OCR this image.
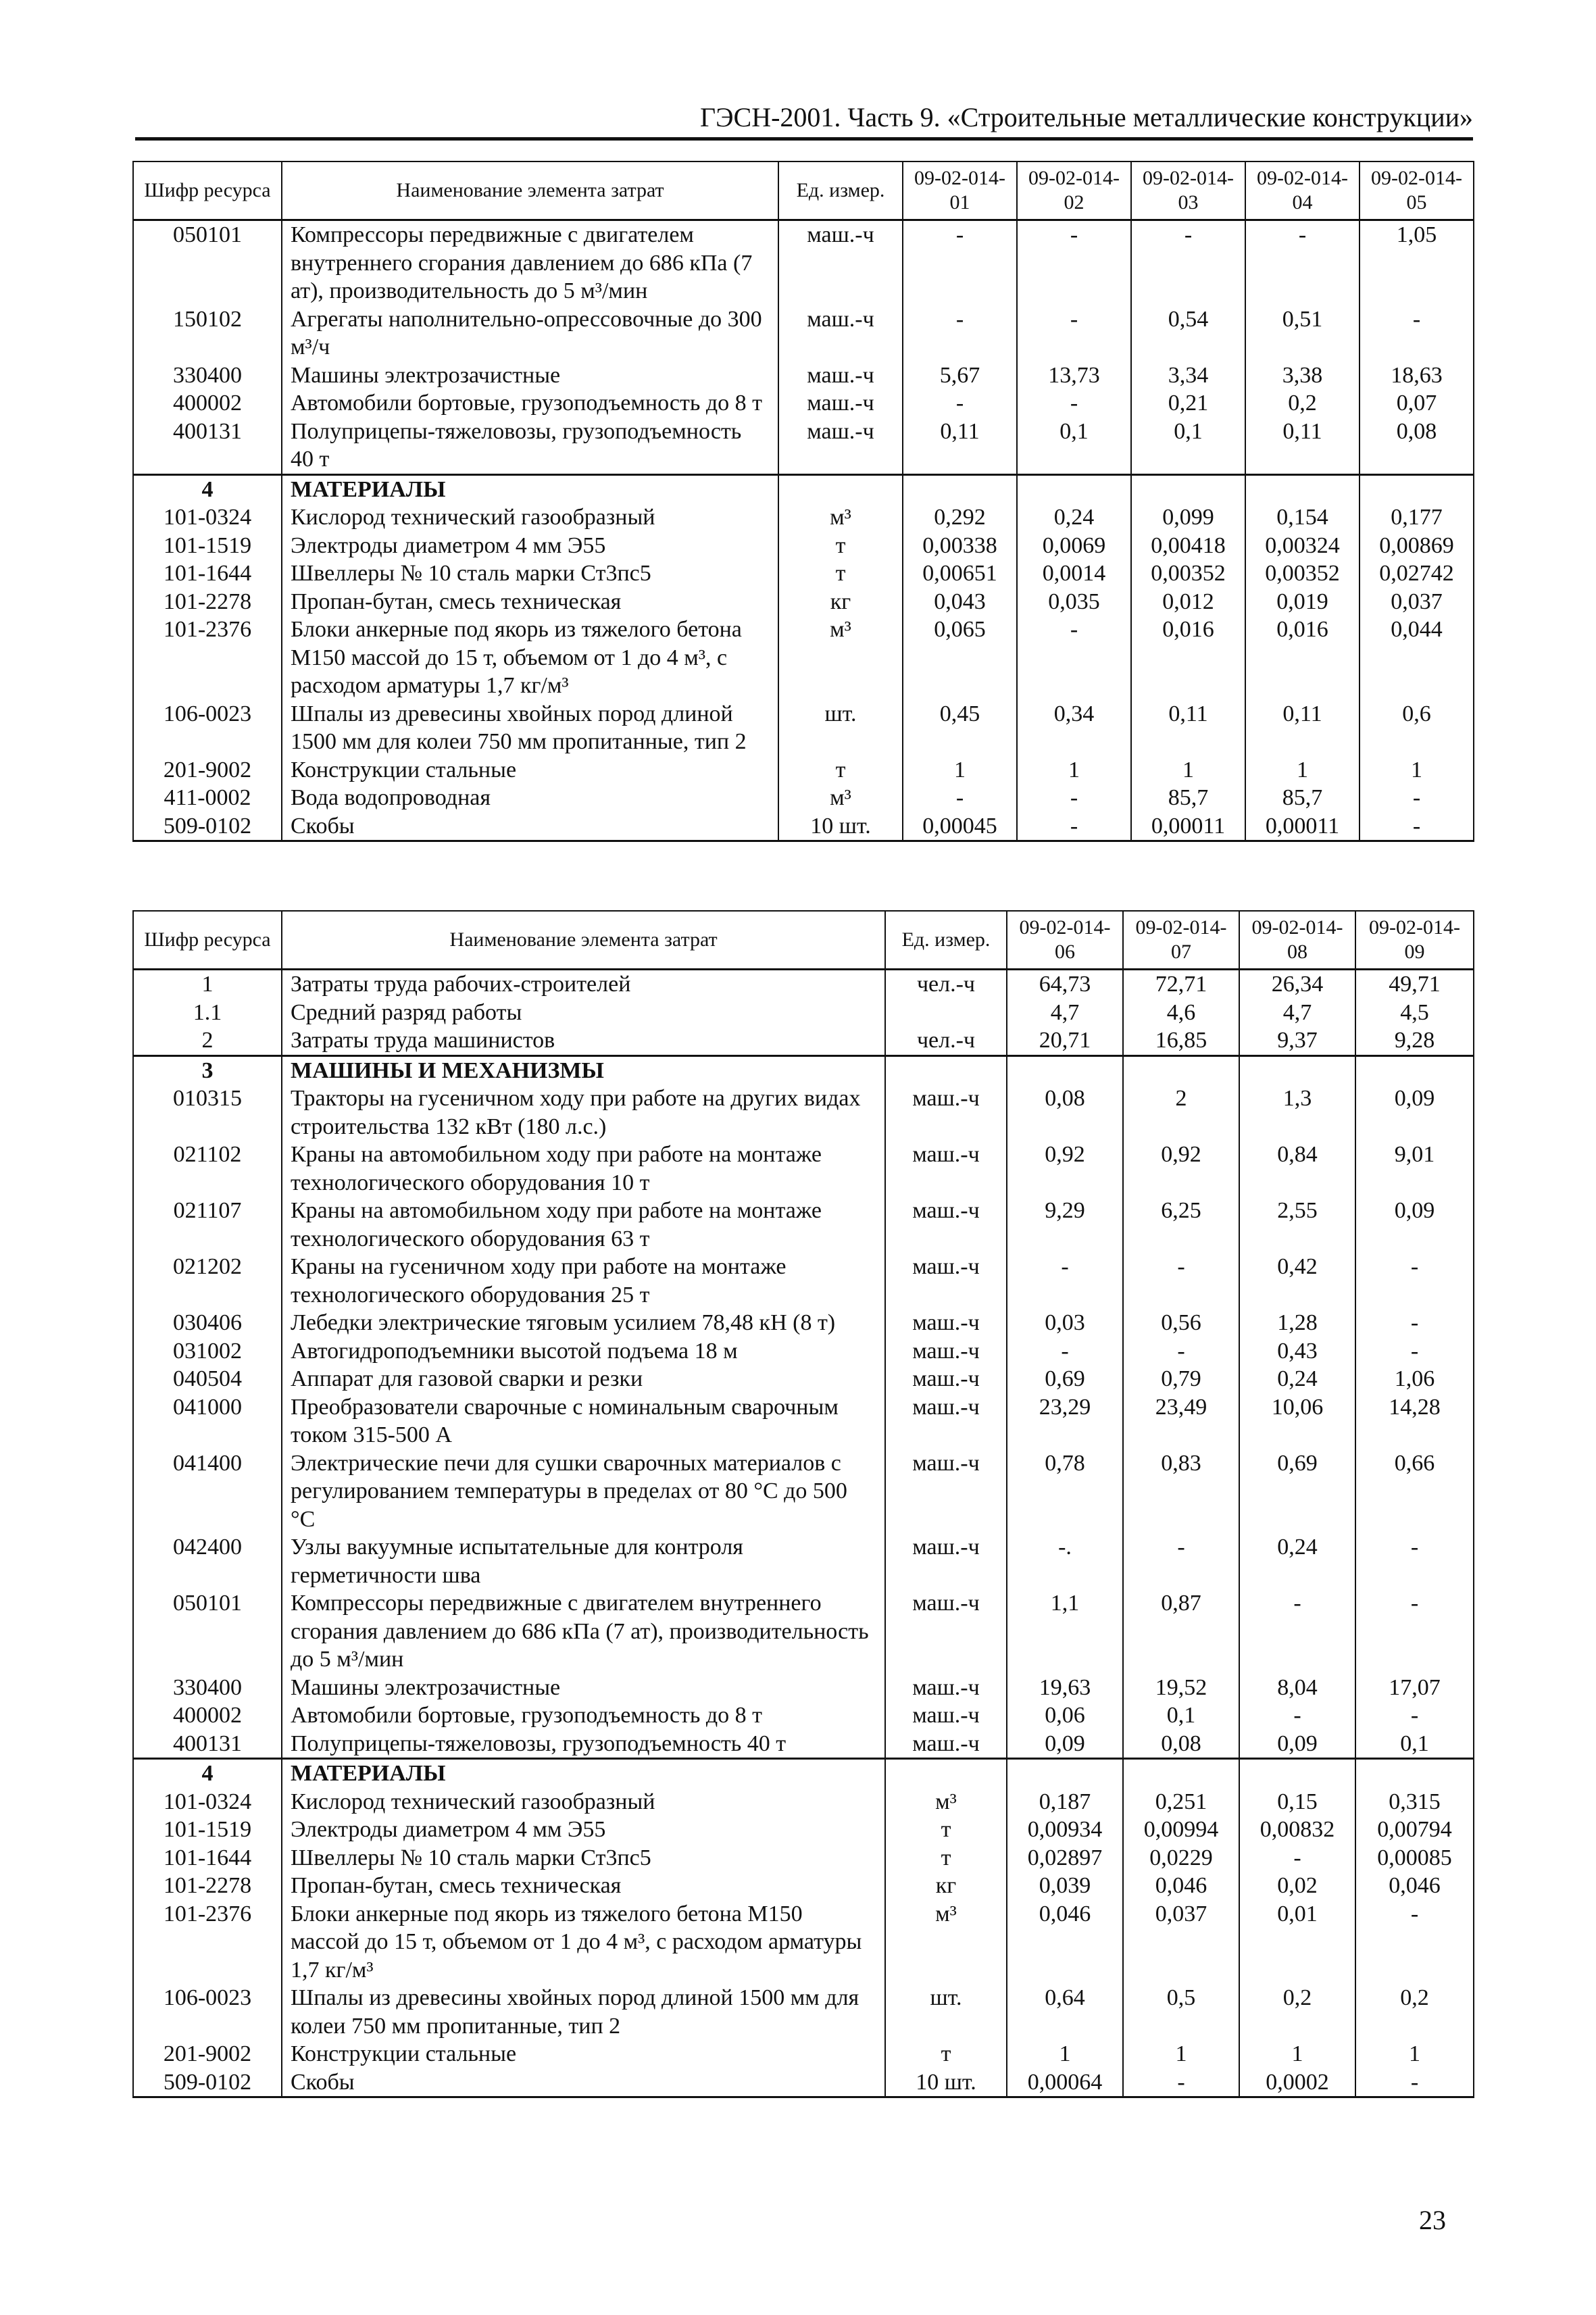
ГЭСН-2001. Часть 9. «Строительные металлические конструкции»
Шифр ресурса	Наименование элемента затрат	Ед. измер.	09-02-014-01	09-02-014-02	09-02-014-03	09-02-014-04	09-02-014-05
050101	Компрессоры передвижные с двигателем внутреннего сгорания давлением до 686 кПа (7 ат), производительность до 5 м³/мин	маш.-ч	-	-	-	-	1,05
150102	Агрегаты наполнительно-опрессовочные до 300 м³/ч	маш.-ч	-	-	0,54	0,51	-
330400	Машины электрозачистные	маш.-ч	5,67	13,73	3,34	3,38	18,63
400002	Автомобили бортовые, грузоподъемность до 8 т	маш.-ч	-	-	0,21	0,2	0,07
400131	Полуприцепы-тяжеловозы, грузоподъемность 40 т	маш.-ч	0,11	0,1	0,1	0,11	0,08
4	МАТЕРИАЛЫ						
101-0324	Кислород технический газообразный	м³	0,292	0,24	0,099	0,154	0,177
101-1519	Электроды диаметром 4 мм Э55	т	0,00338	0,0069	0,00418	0,00324	0,00869
101-1644	Швеллеры № 10 сталь марки Ст3пс5	т	0,00651	0,0014	0,00352	0,00352	0,02742
101-2278	Пропан-бутан, смесь техническая	кг	0,043	0,035	0,012	0,019	0,037
101-2376	Блоки анкерные под якорь из тяжелого бетона М150 массой до 15 т, объемом от 1 до 4 м³, с расходом арматуры 1,7 кг/м³	м³	0,065	-	0,016	0,016	0,044
106-0023	Шпалы из древесины хвойных пород длиной 1500 мм для колеи 750 мм пропитанные, тип 2	шт.	0,45	0,34	0,11	0,11	0,6
201-9002	Конструкции стальные	т	1	1	1	1	1
411-0002	Вода водопроводная	м³	-	-	85,7	85,7	-
509-0102	Скобы	10 шт.	0,00045	-	0,00011	0,00011	-
Шифр ресурса	Наименование элемента затрат	Ед. измер.	09-02-014-06	09-02-014-07	09-02-014-08	09-02-014-09
1	Затраты труда рабочих-строителей	чел.-ч	64,73	72,71	26,34	49,71
1.1	Средний разряд работы		4,7	4,6	4,7	4,5
2	Затраты труда машинистов	чел.-ч	20,71	16,85	9,37	9,28
3	МАШИНЫ И МЕХАНИЗМЫ					
010315	Тракторы на гусеничном ходу при работе на других видах строительства 132 кВт (180 л.с.)	маш.-ч	0,08	2	1,3	0,09
021102	Краны на автомобильном ходу при работе на монтаже технологического оборудования 10 т	маш.-ч	0,92	0,92	0,84	9,01
021107	Краны на автомобильном ходу при работе на монтаже технологического оборудования 63 т	маш.-ч	9,29	6,25	2,55	0,09
021202	Краны на гусеничном ходу при работе на монтаже технологического оборудования 25 т	маш.-ч	-	-	0,42	-
030406	Лебедки электрические тяговым усилием 78,48 кН (8 т)	маш.-ч	0,03	0,56	1,28	-
031002	Автогидроподъемники высотой подъема 18 м	маш.-ч	-	-	0,43	-
040504	Аппарат для газовой сварки и резки	маш.-ч	0,69	0,79	0,24	1,06
041000	Преобразователи сварочные с номинальным сварочным током 315-500 А	маш.-ч	23,29	23,49	10,06	14,28
041400	Электрические печи для сушки сварочных материалов с регулированием температуры в пределах от 80 °С до 500 °С	маш.-ч	0,78	0,83	0,69	0,66
042400	Узлы вакуумные испытательные для контроля герметичности шва	маш.-ч	-.	-	0,24	-
050101	Компрессоры передвижные с двигателем внутреннего сгорания давлением до 686 кПа (7 ат), производительность до 5 м³/мин	маш.-ч	1,1	0,87	-	-
330400	Машины электрозачистные	маш.-ч	19,63	19,52	8,04	17,07
400002	Автомобили бортовые, грузоподъемность до 8 т	маш.-ч	0,06	0,1	-	-
400131	Полуприцепы-тяжеловозы, грузоподъемность 40 т	маш.-ч	0,09	0,08	0,09	0,1
4	МАТЕРИАЛЫ					
101-0324	Кислород технический газообразный	м³	0,187	0,251	0,15	0,315
101-1519	Электроды диаметром 4 мм Э55	т	0,00934	0,00994	0,00832	0,00794
101-1644	Швеллеры № 10 сталь марки Ст3пс5	т	0,02897	0,0229	-	0,00085
101-2278	Пропан-бутан, смесь техническая	кг	0,039	0,046	0,02	0,046
101-2376	Блоки анкерные под якорь из тяжелого бетона М150 массой до 15 т, объемом от 1 до 4 м³, с расходом арматуры 1,7 кг/м³	м³	0,046	0,037	0,01	-
106-0023	Шпалы из древесины хвойных пород длиной 1500 мм для колеи 750 мм пропитанные, тип 2	шт.	0,64	0,5	0,2	0,2
201-9002	Конструкции стальные	т	1	1	1	1
509-0102	Скобы	10 шт.	0,00064	-	0,0002	-
23
